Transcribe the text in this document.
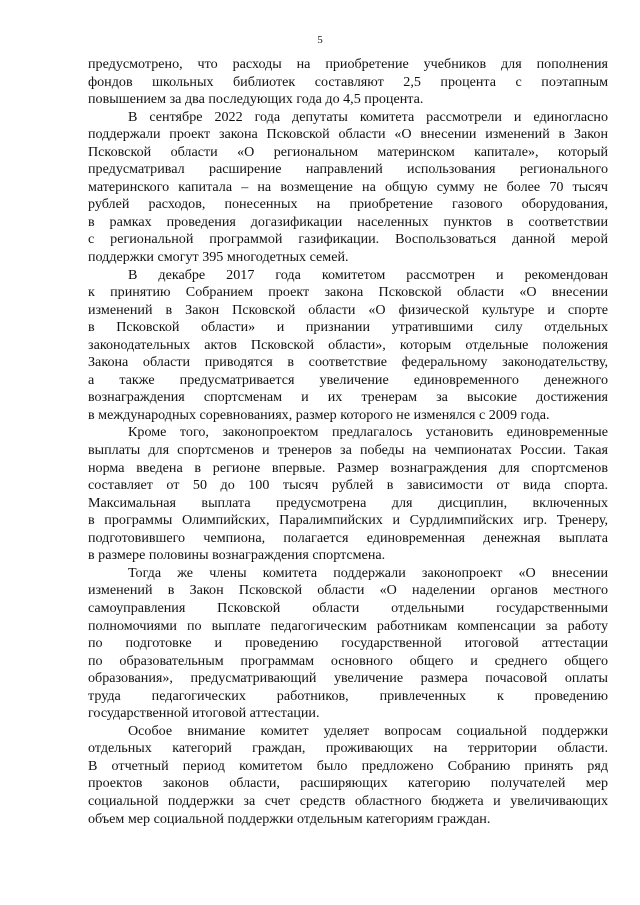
5
предусмотрено, что расходы на приобретение учебников для пополнения
фондов школьных библиотек составляют 2,5 процента с поэтапным
повышением за два последующих года до 4,5 процента.
В сентябре 2022 года депутаты комитета рассмотрели и единогласно
поддержали проект закона Псковской области «О внесении изменений в Закон
Псковской области «О региональном материнском капитале», который
предусматривал расширение направлений использования регионального
материнского капитала – на возмещение на общую сумму не более 70 тысяч
рублей расходов, понесенных на приобретение газового оборудования,
в рамках проведения догазификации населенных пунктов в соответствии
с региональной программой газификации. Воспользоваться данной мерой
поддержки смогут 395 многодетных семей.
В декабре 2017 года комитетом рассмотрен и рекомендован
к принятию Собранием проект закона Псковской области «О внесении
изменений в Закон Псковской области «О физической культуре и спорте
в Псковской области» и признании утратившими силу отдельных
законодательных актов Псковской области», которым отдельные положения
Закона области приводятся в соответствие федеральному законодательству,
а также предусматривается увеличение единовременного денежного
вознаграждения спортсменам и их тренерам за высокие достижения
в международных соревнованиях, размер которого не изменялся с 2009 года.
Кроме того, законопроектом предлагалось установить единовременные
выплаты для спортсменов и тренеров за победы на чемпионатах России. Такая
норма введена в регионе впервые. Размер вознаграждения для спортсменов
составляет от 50 до 100 тысяч рублей в зависимости от вида спорта.
Максимальная выплата предусмотрена для дисциплин, включенных
в программы Олимпийских, Паралимпийских и Сурдлимпийских игр. Тренеру,
подготовившего чемпиона, полагается единовременная денежная выплата
в размере половины вознаграждения спортсмена.
Тогда же члены комитета поддержали законопроект «О внесении
изменений в Закон Псковской области «О наделении органов местного
самоуправления Псковской области отдельными государственными
полномочиями по выплате педагогическим работникам компенсации за работу
по подготовке и проведению государственной итоговой аттестации
по образовательным программам основного общего и среднего общего
образования», предусматривающий увеличение размера почасовой оплаты
труда педагогических работников, привлеченных к проведению
государственной итоговой аттестации.
Особое внимание комитет уделяет вопросам социальной поддержки
отдельных категорий граждан, проживающих на территории области.
В отчетный период комитетом было предложено Собранию принять ряд
проектов законов области, расширяющих категорию получателей мер
социальной поддержки за счет средств областного бюджета и увеличивающих
объем мер социальной поддержки отдельным категориям граждан.
